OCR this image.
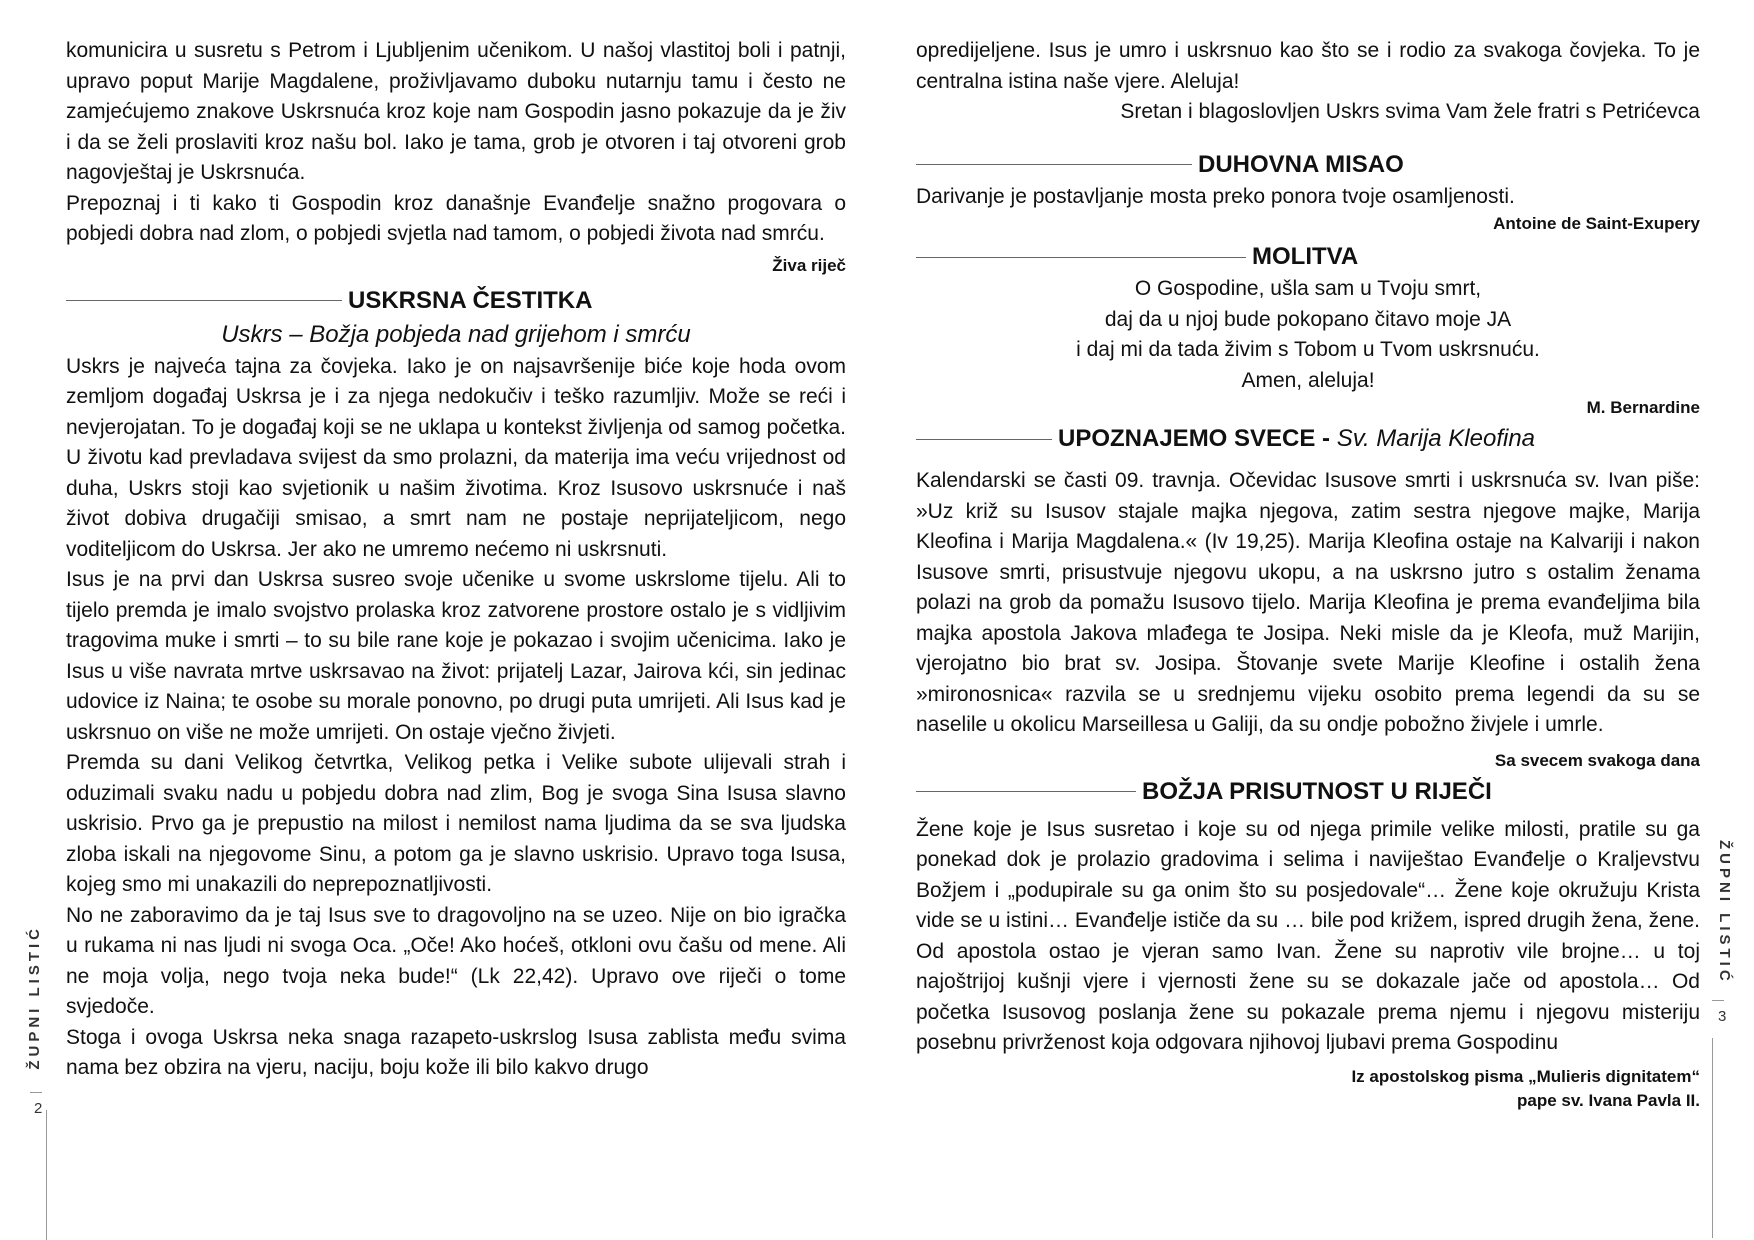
komunicira u susretu s Petrom i Ljubljenim učenikom. U našoj vlastitoj boli i patnji, upravo poput Marije Magdalene, proživljavamo duboku nutarnju tamu i često ne zamjećujemo znakove Uskrsnuća kroz koje nam Gospodin jasno pokazuje da je živ i da se želi proslaviti kroz našu bol. Iako je tama, grob je otvoren i taj otvoreni grob nagovještaj je Uskrsnuća.

Prepoznaj i ti kako ti Gospodin kroz današnje Evanđelje snažno progovara o pobjedi dobra nad zlom, o pobjedi svjetla nad tamom, o pobjedi života nad smrću.

Živa riječ
USKRSNA ČESTITKA
Uskrs – Božja pobjeda nad grijehom i smrću

Uskrs je najveća tajna za čovjeka. Iako je on najsavršenije biće koje hoda ovom zemljom događaj Uskrsa je i za njega nedokučiv i teško razumljiv. Može se reći i nevjerojatan. To je događaj koji se ne uklapa u kontekst življenja od samog početka. U životu kad prevladava svijest da smo prolazni, da materija ima veću vrijednost od duha, Uskrs stoji kao svjetionik u našim životima. Kroz Isusovo uskrsnuće i naš život dobiva drugačiji smisao, a smrt nam ne postaje neprijateljicom, nego voditeljicom do Uskrsa. Jer ako ne umremo nećemo ni uskrsnuti.

Isus je na prvi dan Uskrsa susreo svoje učenike u svome uskrslome tijelu. Ali to tijelo premda je imalo svojstvo prolaska kroz zatvorene prostore ostalo je s vidljivim tragovima muke i smrti – to su bile rane koje je pokazao i svojim učenicima. Iako je Isus u više navrata mrtve uskrsavao na život: prijatelj Lazar, Jairova kći, sin jedinac udovice iz Naina; te osobe su morale ponovno, po drugi puta umrijeti. Ali Isus kad je uskrsnuo on više ne može umrijeti. On ostaje vječno živjeti.

Premda su dani Velikog četvrtka, Velikog petka i Velike subote ulijevali strah i oduzimali svaku nadu u pobjedu dobra nad zlim, Bog je svoga Sina Isusa slavno uskrisio. Prvo ga je prepustio na milost i nemilost nama ljudima da se sva ljudska zloba iskali na njegovome Sinu, a potom ga je slavno uskrisio. Upravo toga Isusa, kojeg smo mi unakazili do neprepoznatljivosti.

No ne zaboravimo da je taj Isus sve to dragovoljno na se uzeo. Nije on bio igračka u rukama ni nas ljudi ni svoga Oca. „Oče! Ako hoćeš, otkloni ovu čašu od mene. Ali ne moja volja, nego tvoja neka bude!“ (Lk 22,42). Upravo ove riječi o tome svjedoče.

Stoga i ovoga Uskrsa neka snaga razapeto-uskrslog Isusa zablista među svima nama bez obzira na vjeru, naciju, boju kože ili bilo kakvo drugo

opredijeljene. Isus je umro i uskrsnuo kao što se i rodio za svakoga čovjeka. To je centralna istina naše vjere. Aleluja!

Sretan i blagoslovljen Uskrs svima Vam žele fratri s Petrićevca
DUHOVNA MISAO

Darivanje je postavljanje mosta preko ponora tvoje osamljenosti.

Antoine de Saint-Exupery
MOLITVA
O Gospodine, ušla sam u Tvoju smrt,
daj da u njoj bude pokopano čitavo moje JA
i daj mi da tada živim s Tobom u Tvom uskrsnuću.
Amen, aleluja!
M. Bernardine
UPOZNAJEMO SVECE - Sv. Marija Kleofina

Kalendarski se časti 09. travnja. Očevidac Isusove smrti i uskrsnuća sv. Ivan piše: »Uz križ su Isusov stajale majka njegova, zatim sestra njegove majke, Marija Kleofina i Marija Magdalena.« (Iv 19,25). Marija Kleofina ostaje na Kalvariji i nakon Isusove smrti, prisustvuje njegovu ukopu, a na uskrsno jutro s ostalim ženama polazi na grob da pomažu Isusovo tijelo. Marija Kleofina je prema evanđeljima bila majka apostola Jakova mlađega te Josipa. Neki misle da je Kleofa, muž Marijin, vjerojatno bio brat sv. Josipa. Štovanje svete Marije Kleofine i ostalih žena »mironosnica« razvila se u srednjemu vijeku osobito prema legendi da su se naselile u okolicu Marseillesa u Galiji, da su ondje pobožno živjele i umrle.

Sa svecem svakoga dana
BOŽJA PRISUTNOST U RIJEČI

Žene koje je Isus susretao i koje su od njega primile velike milosti, pratile su ga ponekad dok je prolazio gradovima i selima i naviještao Evanđelje o Kraljevstvu Božjem i „podupirale su ga onim što su posjedovale“… Žene koje okružuju Krista vide se u istini… Evanđelje ističe da su … bile pod križem, ispred drugih žena, žene. Od apostola ostao je vjeran samo Ivan. Žene su naprotiv vile brojne… u toj najoštrijoj kušnji vjere i vjernosti žene su se dokazale jače od apostola… Od početka Isusovog poslanja žene su pokazale prema njemu i njegovu misteriju posebnu privrženost koja odgovara njihovoj ljubavi prema Gospodinu

Iz apostolskog pisma „Mulieris dignitatem“
pape sv. Ivana Pavla II.
ŽUPNI LISTIĆ
2
ŽUPNI LISTIĆ
3
